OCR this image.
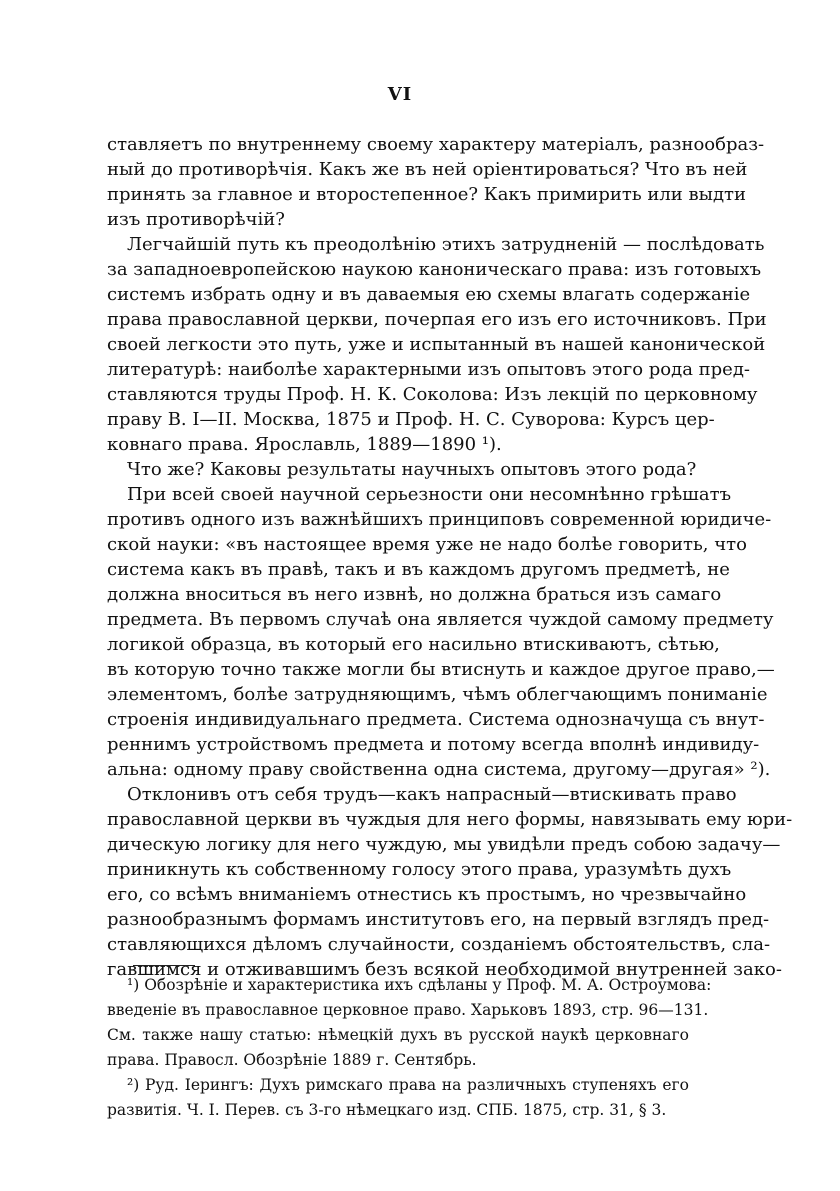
VI
ставляетъ по внутреннему своему характеру матеріалъ, разнообраз-
ный до противорѣчія. Какъ же въ ней оріентироваться? Что въ ней
принять за главное и второстепенное? Какъ примирить или выдти
изъ противорѣчій?
Легчайшій путь къ преодолѣнію этихъ затрудненій — послѣдовать
за западноевропейскою наукою каноническаго права: изъ готовыхъ
системъ избрать одну и въ даваемыя ею схемы влагать содержаніе
права православной церкви, почерпая его изъ его источниковъ. При
своей легкости это путь, уже и испытанный въ нашей канонической
литературѣ: наиболѣе характерными изъ опытовъ этого рода пред-
ставляются труды Проф. Н. К. Соколова: Изъ лекцій по церковному
праву В. I—II. Москва, 1875 и Проф. Н. С. Суворова: Курсъ цер-
ковнаго права. Ярославль, 1889—1890 ¹).
Что же? Каковы результаты научныхъ опытовъ этого рода?
При всей своей научной серьезности они несомнѣнно грѣшатъ
противъ одного изъ важнѣйшихъ принциповъ современной юридиче-
ской науки: «въ настоящее время уже не надо болѣе говорить, что
система какъ въ правѣ, такъ и въ каждомъ другомъ предметѣ, не
должна вноситься въ него извнѣ, но должна браться изъ самаго
предмета. Въ первомъ случаѣ она является чуждой самому предмету
логикой образца, въ который его насильно втискиваютъ, сѣтью,
въ которую точно также могли бы втиснуть и каждое другое право,—
элементомъ, болѣе затрудняющимъ, чѣмъ облегчающимъ пониманіе
строенія индивидуальнаго предмета. Система однозначуща съ внут-
реннимъ устройствомъ предмета и потому всегда вполнѣ индивиду-
альна: одному праву свойственна одна система, другому—другая» ²).
Отклонивъ отъ себя трудъ—какъ напрасный—втискивать право
православной церкви въ чуждыя для него формы, навязывать ему юри-
дическую логику для него чуждую, мы увидѣли предъ собою задачу—
приникнуть къ собственному голосу этого права, уразумѣть духъ
его, со всѣмъ вниманіемъ отнестись къ простымъ, но чрезвычайно
разнообразнымъ формамъ институтовъ его, на первый взглядъ пред-
ставляющихся дѣломъ случайности, созданіемъ обстоятельствъ, сла-
гавшимся и отживавшимъ безъ всякой необходимой внутренней зако-
¹) Обозрѣніе и характеристика ихъ сдѣланы у Проф. М. А. Остроумова:
введеніе въ православное церковное право. Харьковъ 1893, стр. 96—131.
См. также нашу статью: нѣмецкій духъ въ русской наукѣ церковнаго
права. Правосл. Обозрѣніе 1889 г. Сентябрь.
²) Руд. Іерингъ: Духъ римскаго права на различныхъ ступеняхъ его
развитія. Ч. I. Перев. съ 3-го нѣмецкаго изд. СПБ. 1875, стр. 31, § 3.
